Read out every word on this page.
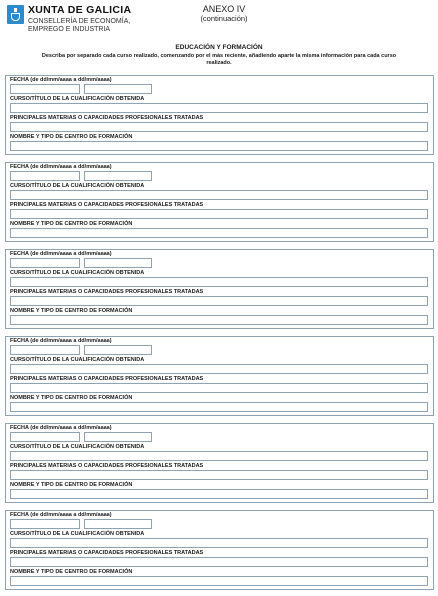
XUNTA DE GALICIA
CONSELLERÍA DE ECONOMÍA,
EMPREGO E INDUSTRIA
ANEXO IV
(continuación)
EDUCACIÓN Y FORMACIÓN
Describa por separado cada curso realizado, comenzando por el más reciente, añadiendo aparte la misma información para cada curso realizado.
FECHA (de dd/mm/aaaa a dd/mm/aaaa)
CURSO/TÍTULO DE LA CUALIFICACIÓN OBTENIDA
PRINCIPALES MATERIAS O CAPACIDADES PROFESIONALES TRATADAS
NOMBRE Y TIPO DE CENTRO DE FORMACIÓN
FECHA (de dd/mm/aaaa a dd/mm/aaaa)
CURSO/TÍTULO DE LA CUALIFICACIÓN OBTENIDA
PRINCIPALES MATERIAS O CAPACIDADES PROFESIONALES TRATADAS
NOMBRE Y TIPO DE CENTRO DE FORMACIÓN
FECHA (de dd/mm/aaaa a dd/mm/aaaa)
CURSO/TÍTULO DE LA CUALIFICACIÓN OBTENIDA
PRINCIPALES MATERIAS O CAPACIDADES PROFESIONALES TRATADAS
NOMBRE Y TIPO DE CENTRO DE FORMACIÓN
FECHA (de dd/mm/aaaa a dd/mm/aaaa)
CURSO/TÍTULO DE LA CUALIFICACIÓN OBTENIDA
PRINCIPALES MATERIAS O CAPACIDADES PROFESIONALES TRATADAS
NOMBRE Y TIPO DE CENTRO DE FORMACIÓN
FECHA (de dd/mm/aaaa a dd/mm/aaaa)
CURSO/TÍTULO DE LA CUALIFICACIÓN OBTENIDA
PRINCIPALES MATERIAS O CAPACIDADES PROFESIONALES TRATADAS
NOMBRE Y TIPO DE CENTRO DE FORMACIÓN
FECHA (de dd/mm/aaaa a dd/mm/aaaa)
CURSO/TÍTULO DE LA CUALIFICACIÓN OBTENIDA
PRINCIPALES MATERIAS O CAPACIDADES PROFESIONALES TRATADAS
NOMBRE Y TIPO DE CENTRO DE FORMACIÓN
